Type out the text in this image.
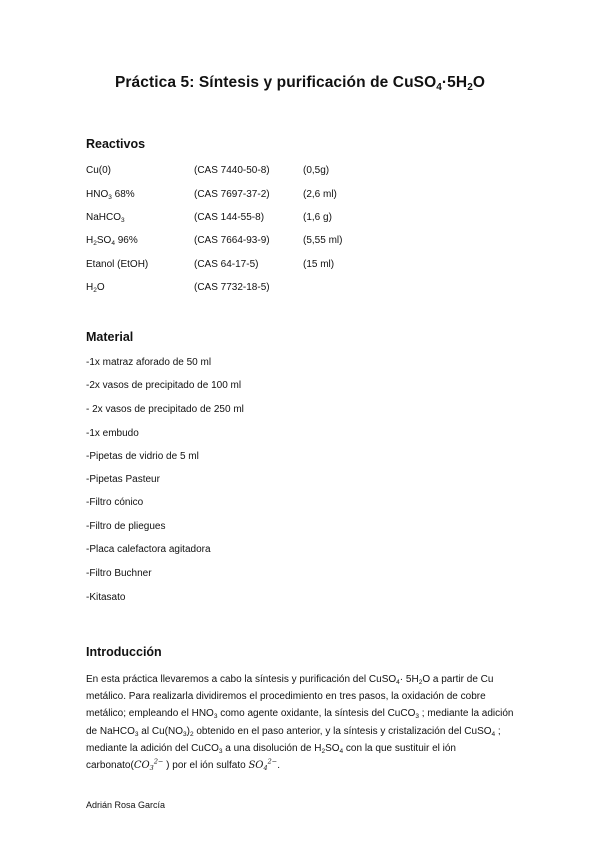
Práctica 5: Síntesis y purificación de $CuSO_4\cdot 5H_2O$
Reactivos
Cu(0)	(CAS 7440-50-8)	(0,5g)
$HNO_3$ 68%	(CAS 7697-37-2)	(2,6 ml)
NaHCO$_3$	(CAS 144-55-8)	(1,6 g)
$H_2SO_4$ 96%	(CAS 7664-93-9)	(5,55 ml)
Etanol (EtOH)	(CAS 64-17-5)	(15 ml)
$H_2O$	(CAS 7732-18-5)
Material
-1x matraz aforado de 50 ml
-2x vasos de precipitado de 100 ml
- 2x vasos de precipitado de 250 ml
-1x embudo
-Pipetas de vidrio de 5 ml
-Pipetas Pasteur
-Filtro cónico
-Filtro de pliegues
-Placa calefactora agitadora
-Filtro Buchner
-Kitasato
Introducción
En esta práctica llevaremos a cabo la síntesis y purificación del CuSO$_4$· $5H_2O$ a partir de Cu metálico. Para realizarla dividiremos el procedimiento en tres pasos, la oxidación de cobre metálico; empleando el $HNO_3$ como agente oxidante, la síntesis del CuCO$_3$ ; mediante la adición de NaHCO$_3$ al $Cu(NO_3)_2$ obtenido en el paso anterior, y la síntesis y cristalización del CuSO$_4$ ; mediante la adición del CuCO$_3$ a una disolución de $H_2SO_4$ con la que sustituir el ión $carbonato(CO_3^{2-}$ ) por el ión sulfato $SO_4^{2-}$.
Adrián Rosa García
